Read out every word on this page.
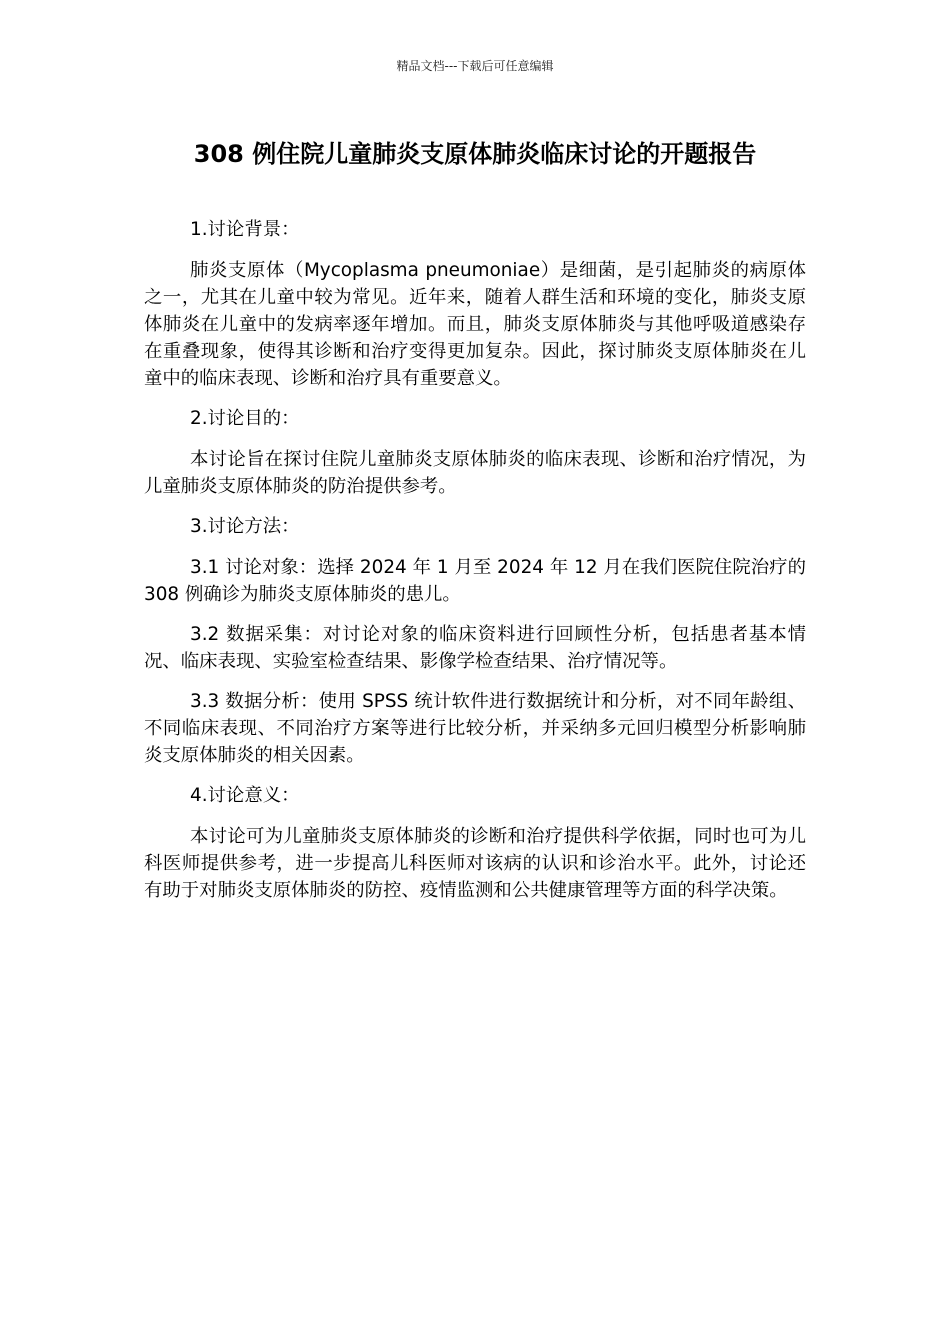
精品文档---下载后可任意编辑
308 例住院儿童肺炎支原体肺炎临床讨论的开题报告

1.讨论背景：

肺炎支原体（Mycoplasma pneumoniae）是细菌，是引起肺炎的病原体之一，尤其在儿童中较为常见。近年来，随着人群生活和环境的变化，肺炎支原体肺炎在儿童中的发病率逐年增加。而且，肺炎支原体肺炎与其他呼吸道感染存在重叠现象，使得其诊断和治疗变得更加复杂。因此，探讨肺炎支原体肺炎在儿童中的临床表现、诊断和治疗具有重要意义。

2.讨论目的：

本讨论旨在探讨住院儿童肺炎支原体肺炎的临床表现、诊断和治疗情况，为儿童肺炎支原体肺炎的防治提供参考。

3.讨论方法：

3.1 讨论对象：选择 2024 年 1 月至 2024 年 12 月在我们医院住院治疗的 308 例确诊为肺炎支原体肺炎的患儿。

3.2 数据采集：对讨论对象的临床资料进行回顾性分析，包括患者基本情况、临床表现、实验室检查结果、影像学检查结果、治疗情况等。

3.3 数据分析：使用 SPSS 统计软件进行数据统计和分析，对不同年龄组、不同临床表现、不同治疗方案等进行比较分析，并采纳多元回归模型分析影响肺炎支原体肺炎的相关因素。

4.讨论意义：

本讨论可为儿童肺炎支原体肺炎的诊断和治疗提供科学依据，同时也可为儿科医师提供参考，进一步提高儿科医师对该病的认识和诊治水平。此外，讨论还有助于对肺炎支原体肺炎的防控、疫情监测和公共健康管理等方面的科学决策。
